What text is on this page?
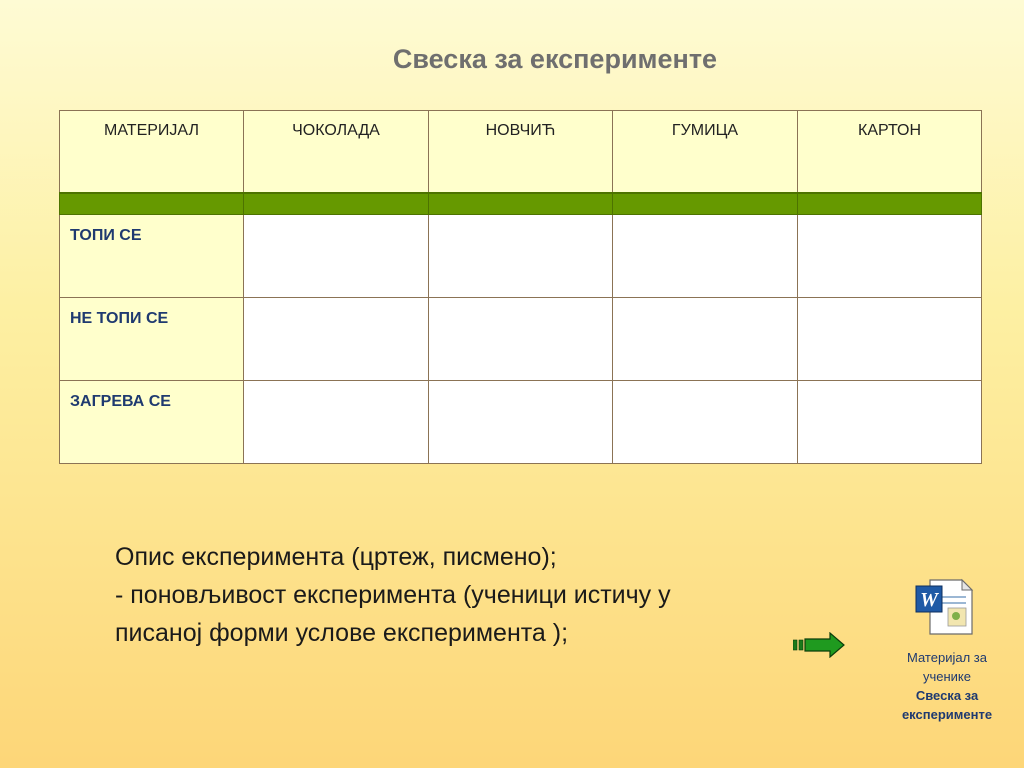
Свеска за експерименте
МАТЕРИЈАЛ	ЧОКОЛАДА	НОВЧИЋ	ГУМИЦА	КАРТОН

ТОПИ СЕ				
НЕ ТОПИ СЕ				
ЗАГРЕВА СЕ				
Опис експеримента (цртеж, писмено);
- поновљивост експеримента (ученици истичу у
писаној форми услове експеримента );
W
Материјал за
ученике
Свеска за
експерименте
